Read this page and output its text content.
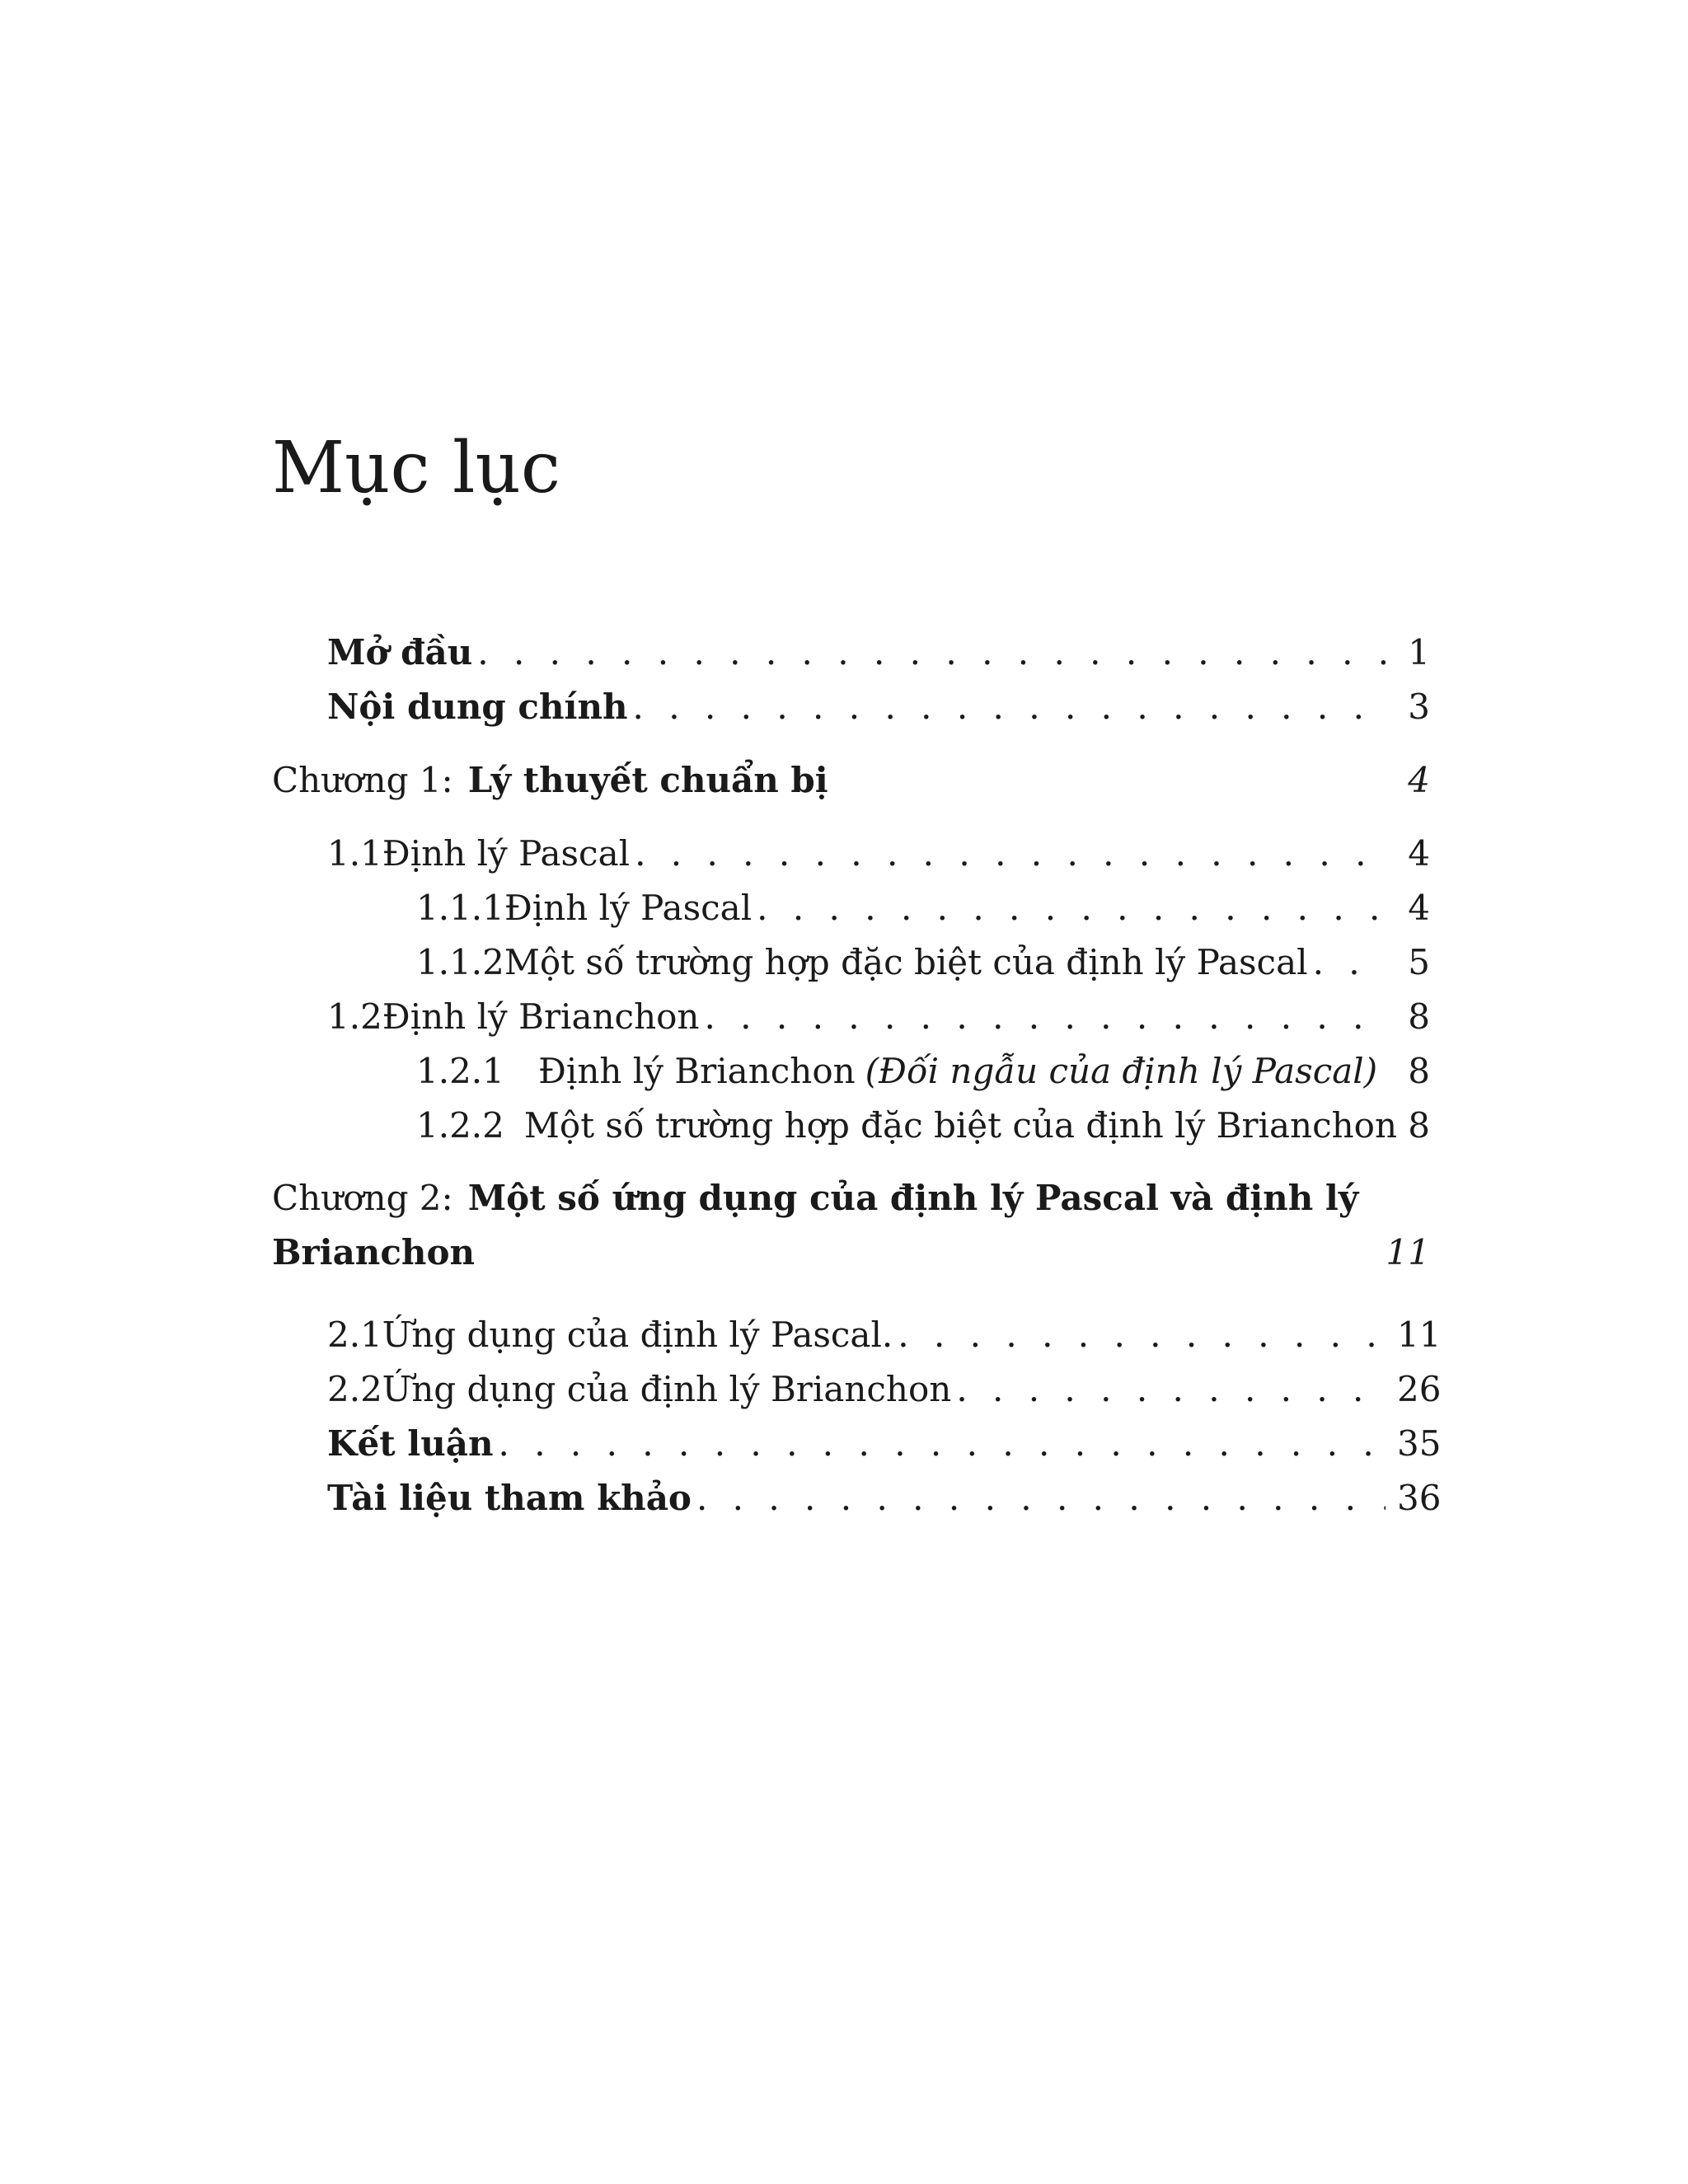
Mục lục
Mở đầu . . .	1
Nội dung chính . . .	3
Chương 1: Lý thuyết chuẩn bị	4
1.1 Định lý Pascal . . .	4
1.1.1 Định lý Pascal . . .	4
1.1.2 Một số trường hợp đặc biệt của định lý Pascal . . .	5
1.2 Định lý Brianchon . . .	8
1.2.1 Định lý Brianchon (Đối ngẫu của định lý Pascal) 8
1.2.2 Một số trường hợp đặc biệt của định lý Brianchon 8
Chương 2: Một số ứng dụng của định lý Pascal và định lý
Brianchon	11
2.1 Ứng dụng của định lý Pascal. . . .	11
2.2 Ứng dụng của định lý Brianchon . . .	26
Kết luận . . .	35
Tài liệu tham khảo . . .	36
